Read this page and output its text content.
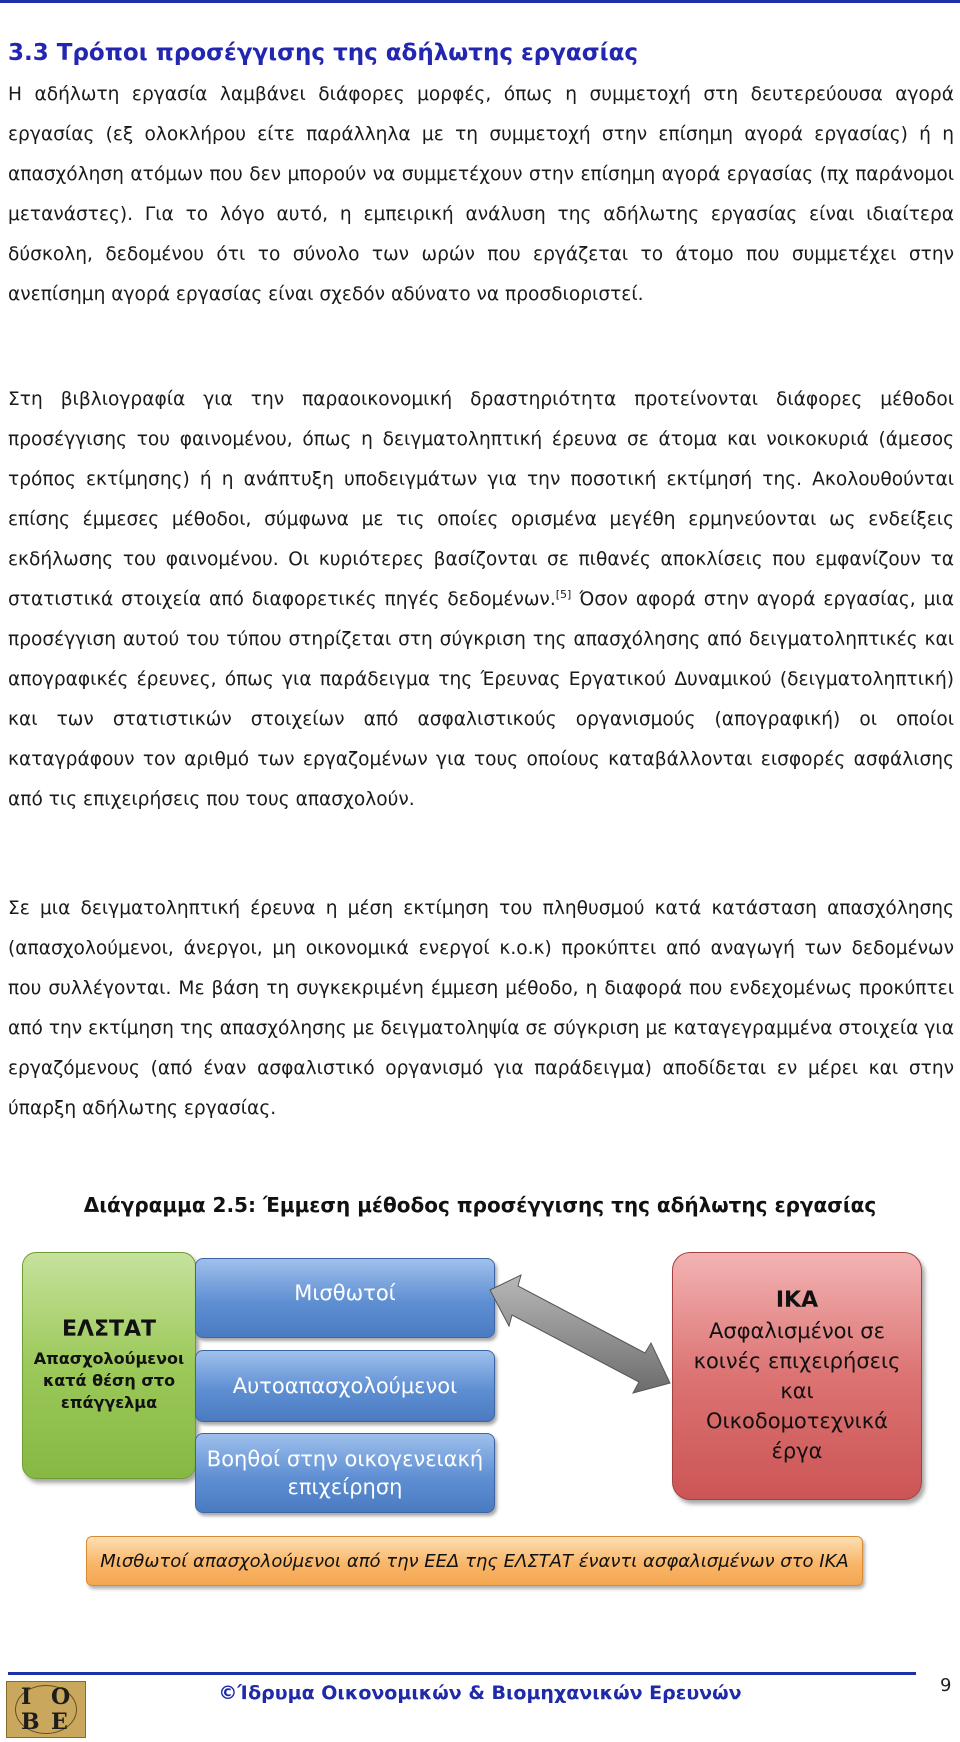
3.3 Τρόποι προσέγγισης της αδήλωτης εργασίας

Η αδήλωτη εργασία λαμβάνει διάφορες μορφές, όπως η συμμετοχή στη δευτερεύουσα αγορά εργασίας (εξ ολοκλήρου είτε παράλληλα με τη συμμετοχή στην επίσημη αγορά εργασίας) ή η απασχόληση ατόμων που δεν μπορούν να συμμετέχουν στην επίσημη αγορά εργασίας (πχ παράνομοι μετανάστες). Για το λόγο αυτό, η εμπειρική ανάλυση της αδήλωτης εργασίας είναι ιδιαίτερα δύσκολη, δεδομένου ότι το σύνολο των ωρών που εργάζεται το άτομο που συμμετέχει στην ανεπίσημη αγορά εργασίας είναι σχεδόν αδύνατο να προσδιοριστεί.

Στη βιβλιογραφία για την παραοικονομική δραστηριότητα προτείνονται διάφορες μέθοδοι προσέγγισης του φαινομένου, όπως η δειγματοληπτική έρευνα σε άτομα και νοικοκυριά (άμεσος τρόπος εκτίμησης) ή η ανάπτυξη υποδειγμάτων για την ποσοτική εκτίμησή της. Ακολουθούνται επίσης έμμεσες μέθοδοι, σύμφωνα με τις οποίες ορισμένα μεγέθη ερμηνεύονται ως ενδείξεις εκδήλωσης του φαινομένου. Οι κυριότερες βασίζονται σε πιθανές αποκλίσεις που εμφανίζουν τα στατιστικά στοιχεία από διαφορετικές πηγές δεδομένων.[5] Όσον αφορά στην αγορά εργασίας, μια προσέγγιση αυτού του τύπου στηρίζεται στη σύγκριση της απασχόλησης από δειγματοληπτικές και απογραφικές έρευνες, όπως για παράδειγμα της Έρευνας Εργατικού Δυναμικού (δειγματοληπτική) και των στατιστικών στοιχείων από ασφαλιστικούς οργανισμούς (απογραφική) οι οποίοι καταγράφουν τον αριθμό των εργαζομένων για τους οποίους καταβάλλονται εισφορές ασφάλισης από τις επιχειρήσεις που τους απασχολούν.

Σε μια δειγματοληπτική έρευνα η μέση εκτίμηση του πληθυσμού κατά κατάσταση απασχόλησης (απασχολούμενοι, άνεργοι, μη οικονομικά ενεργοί κ.ο.κ) προκύπτει από αναγωγή των δεδομένων που συλλέγονται. Με βάση τη συγκεκριμένη έμμεση μέθοδο, η διαφορά που ενδεχομένως προκύπτει από την εκτίμηση της απασχόλησης με δειγματοληψία σε σύγκριση με καταγεγραμμένα στοιχεία για εργαζόμενους (από έναν ασφαλιστικό οργανισμό για παράδειγμα) αποδίδεται εν μέρει και στην ύπαρξη αδήλωτης εργασίας.

Διάγραμμα 2.5: Έμμεση μέθοδος προσέγγισης της αδήλωτης εργασίας
ΕΛΣΤΑΤ
Απασχολούμενοι κατά θέση στο επάγγελμα
Μισθωτοί
Αυτοαπασχολούμενοι
Βοηθοί στην οικογενειακή επιχείρηση
ΙΚΑ
Ασφαλισμένοι σε κοινές επιχειρήσεις και Οικοδομοτεχνικά έργα
Μισθωτοί απασχολούμενοι από την ΕΕΔ της ΕΛΣΤΑΤ έναντι ασφαλισμένων στο ΙΚΑ
Ι Ο
Β Ε

©Ίδρυμα Οικονομικών & Βιομηχανικών Ερευνών	9
